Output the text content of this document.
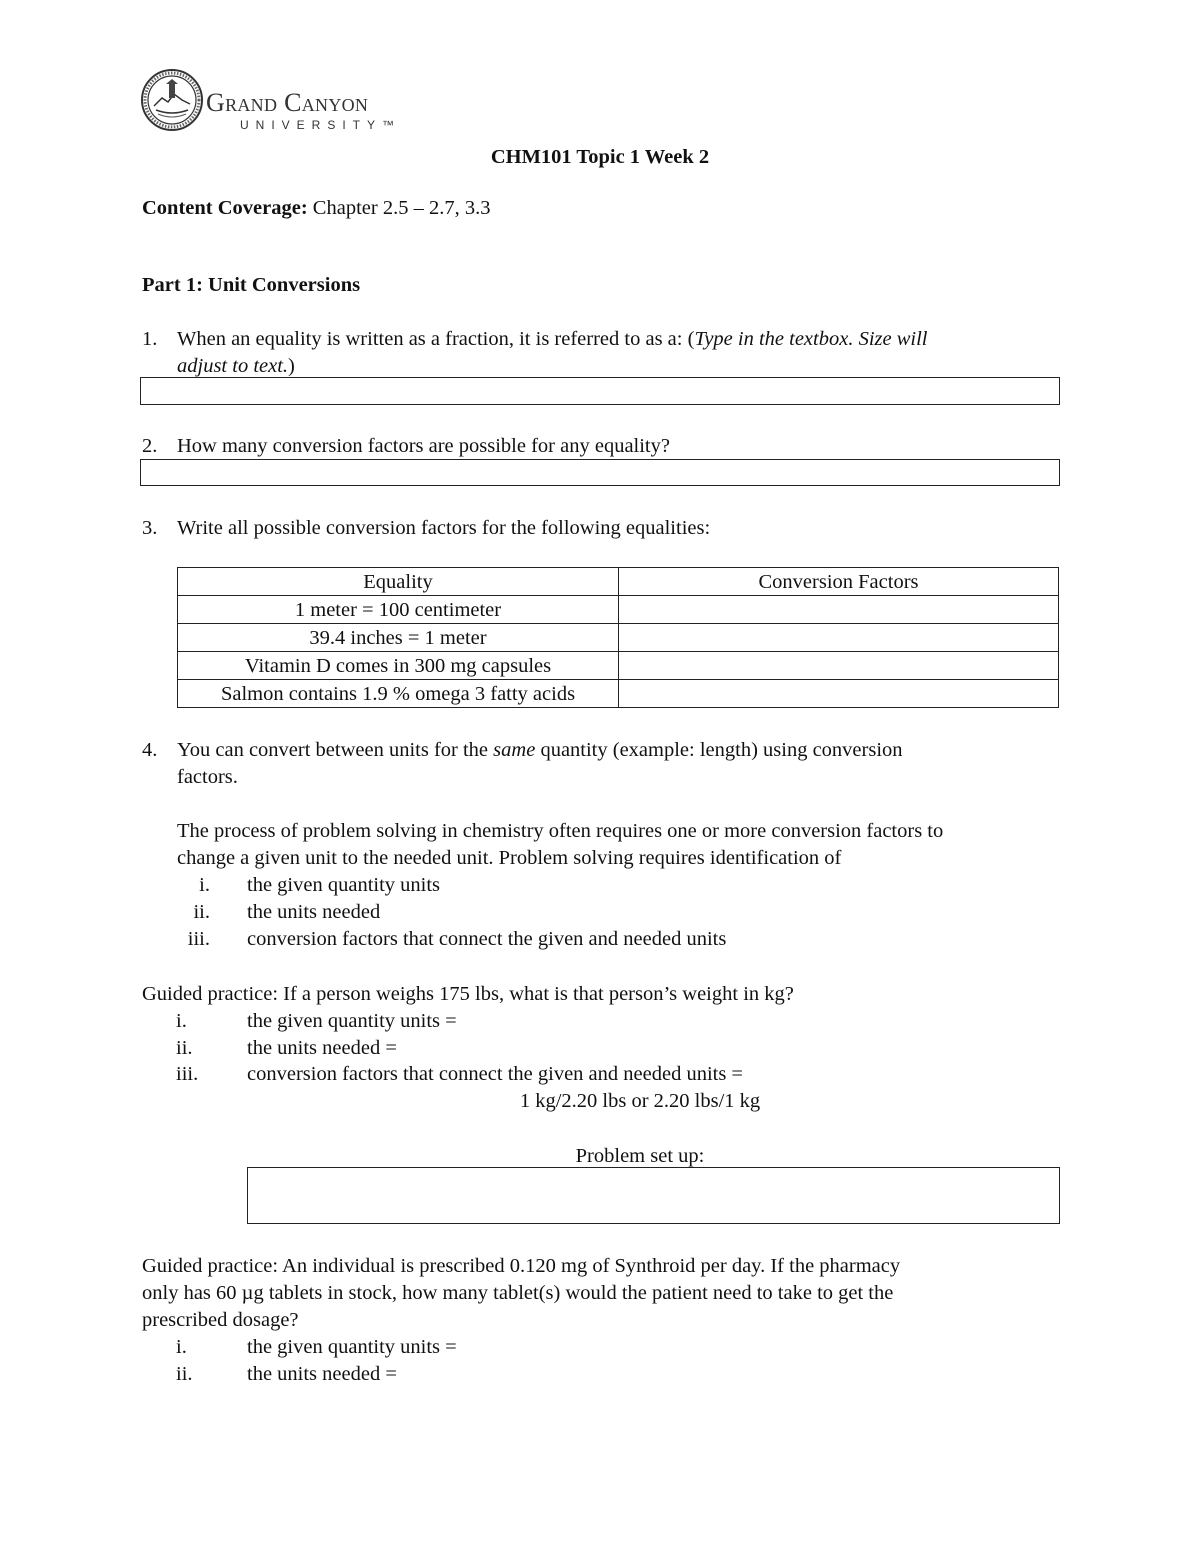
Grand Canyon
UNIVERSITY™
CHM101 Topic 1 Week 2
Content Coverage: Chapter 2.5 – 2.7, 3.3
Part 1: Unit Conversions
1. When an equality is written as a fraction, it is referred to as a: (Type in the textbox. Size will
adjust to text.)
2. How many conversion factors are possible for any equality?
3. Write all possible conversion factors for the following equalities:
Equality	Conversion Factors
1 meter = 100 centimeter	
39.4 inches = 1 meter	
Vitamin D comes in 300 mg capsules	
Salmon contains 1.9 % omega 3 fatty acids	
4. You can convert between units for the same quantity (example: length) using conversion
factors.
The process of problem solving in chemistry often requires one or more conversion factors to
change a given unit to the needed unit. Problem solving requires identification of
i. the given quantity units
ii. the units needed
iii. conversion factors that connect the given and needed units
Guided practice: If a person weighs 175 lbs, what is that person’s weight in kg?
i.	the given quantity units =
ii.	the units needed =
iii. conversion factors that connect the given and needed units =
1 kg/2.20 lbs or 2.20 lbs/1 kg
Problem set up:
Guided practice: An individual is prescribed 0.120 mg of Synthroid per day. If the pharmacy
only has 60 µg tablets in stock, how many tablet(s) would the patient need to take to get the
prescribed dosage?
i.	the given quantity units =
ii.	the units needed =
